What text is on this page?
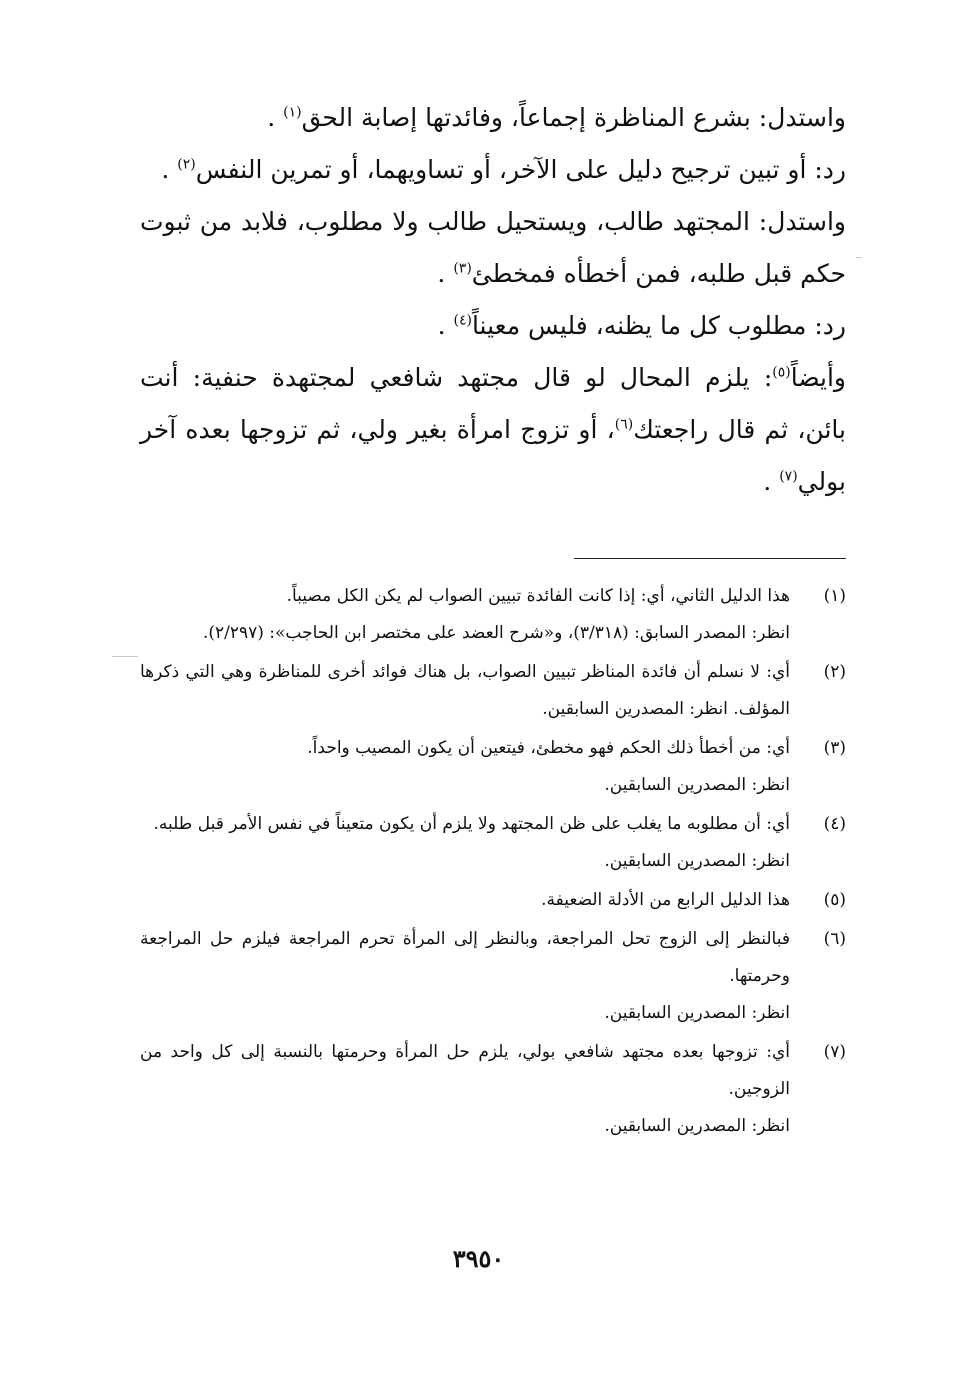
واستدل: بشرع المناظرة إجماعاً، وفائدتها إصابة الحق$^{(١)}$ .

رد: أو تبين ترجيح دليل على الآخر، أو تساويهما، أو تمرين النفس$^{(٢)}$ .

واستدل: المجتهد طالب، ويستحيل طالب ولا مطلوب، فلابد من ثبوت حكم قبل طلبه، فمن أخطأه فمخطئ$^{(٣)}$ .

رد: مطلوب كل ما يظنه، فليس معيناً$^{(٤)}$ .

وأيضاً$^{(٥)}$: يلزم المحال لو قال مجتهد شافعي لمجتهدة حنفية: أنت بائن، ثم قال راجعتك$^{(٦)}$، أو تزوج امرأة بغير ولي، ثم تزوجها بعده آخر بولي$^{(٧)}$ .

(١)
هذا الدليل الثاني، أي: إذا كانت الفائدة تبيين الصواب لم يكن الكل مصيباً.
انظر: المصدر السابق: (٣/٣١٨)، و«شرح العضد على مختصر ابن الحاجب»: (٢/٢٩٧).
(٢)
أي: لا نسلم أن فائدة المناظر تبيين الصواب، بل هناك فوائد أخرى للمناظرة وهي التي ذكرها المؤلف. انظر: المصدرين السابقين.
(٣)
أي: من أخطأ ذلك الحكم فهو مخطئ، فيتعين أن يكون المصيب واحداً.
انظر: المصدرين السابقين.
(٤)
أي: أن مطلوبه ما يغلب على ظن المجتهد ولا يلزم أن يكون متعيناً في نفس الأمر قبل طلبه.
انظر: المصدرين السابقين.
(٥)
هذا الدليل الرابع من الأدلة الضعيفة.
(٦)
فبالنظر إلى الزوج تحل المراجعة، وبالنظر إلى المرأة تحرم المراجعة فيلزم حل المراجعة وحرمتها.
انظر: المصدرين السابقين.
(٧)
أي: تزوجها بعده مجتهد شافعي بولي، يلزم حل المرأة وحرمتها بالنسبة إلى كل واحد من الزوجين.
انظر: المصدرين السابقين.
٣٩٥٠
